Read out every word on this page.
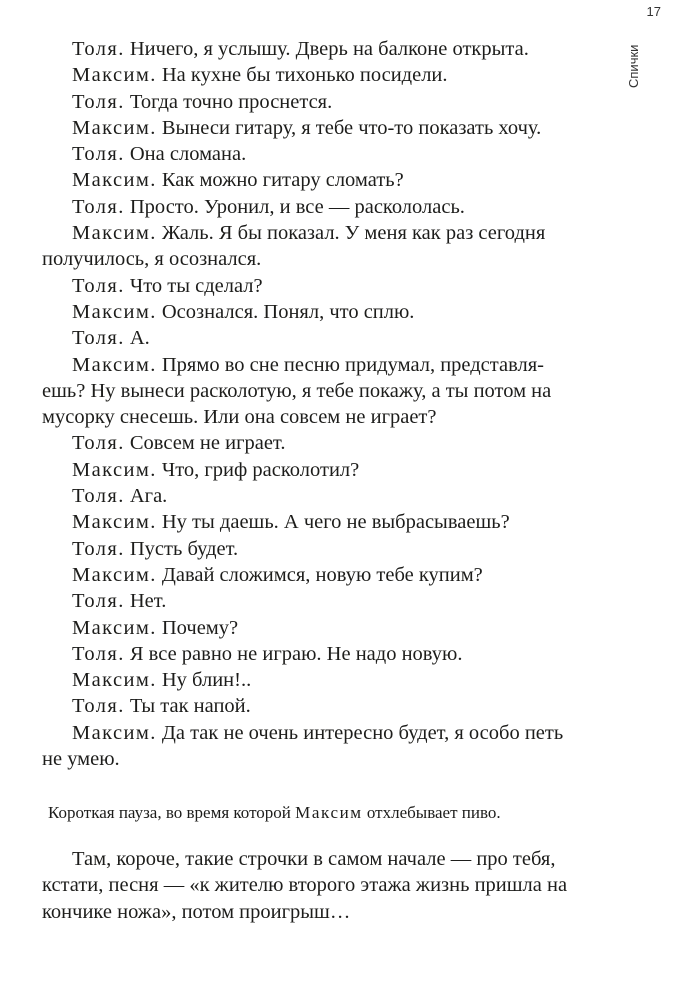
17
Спички
Толя. Ничего, я услышу. Дверь на балконе открыта.
Максим. На кухне бы тихонько посидели.
Толя. Тогда точно проснется.
Максим. Вынеси гитару, я тебе что-то показать хочу.
Толя. Она сломана.
Максим. Как можно гитару сломать?
Толя. Просто. Уронил, и все — раскололась.
Максим. Жаль. Я бы показал. У меня как раз сегодня
получилось, я осознался.
Толя. Что ты сделал?
Максим. Осознался. Понял, что сплю.
Толя. А.
Максим. Прямо во сне песню придумал, представля-
ешь? Ну вынеси расколотую, я тебе покажу, а ты потом на
мусорку снесешь. Или она совсем не играет?
Толя. Совсем не играет.
Максим. Что, гриф расколотил?
Толя. Ага.
Максим. Ну ты даешь. А чего не выбрасываешь?
Толя. Пусть будет.
Максим. Давай сложимся, новую тебе купим?
Толя. Нет.
Максим. Почему?
Толя. Я все равно не играю. Не надо новую.
Максим. Ну блин!..
Толя. Ты так напой.
Максим. Да так не очень интересно будет, я особо петь
не умею.
Короткая пауза, во время которой Максим отхлебывает пиво.
Там, короче, такие строчки в самом начале — про тебя,
кстати, песня — «к жителю второго этажа жизнь пришла на
кончике ножа», потом проигрыш…
